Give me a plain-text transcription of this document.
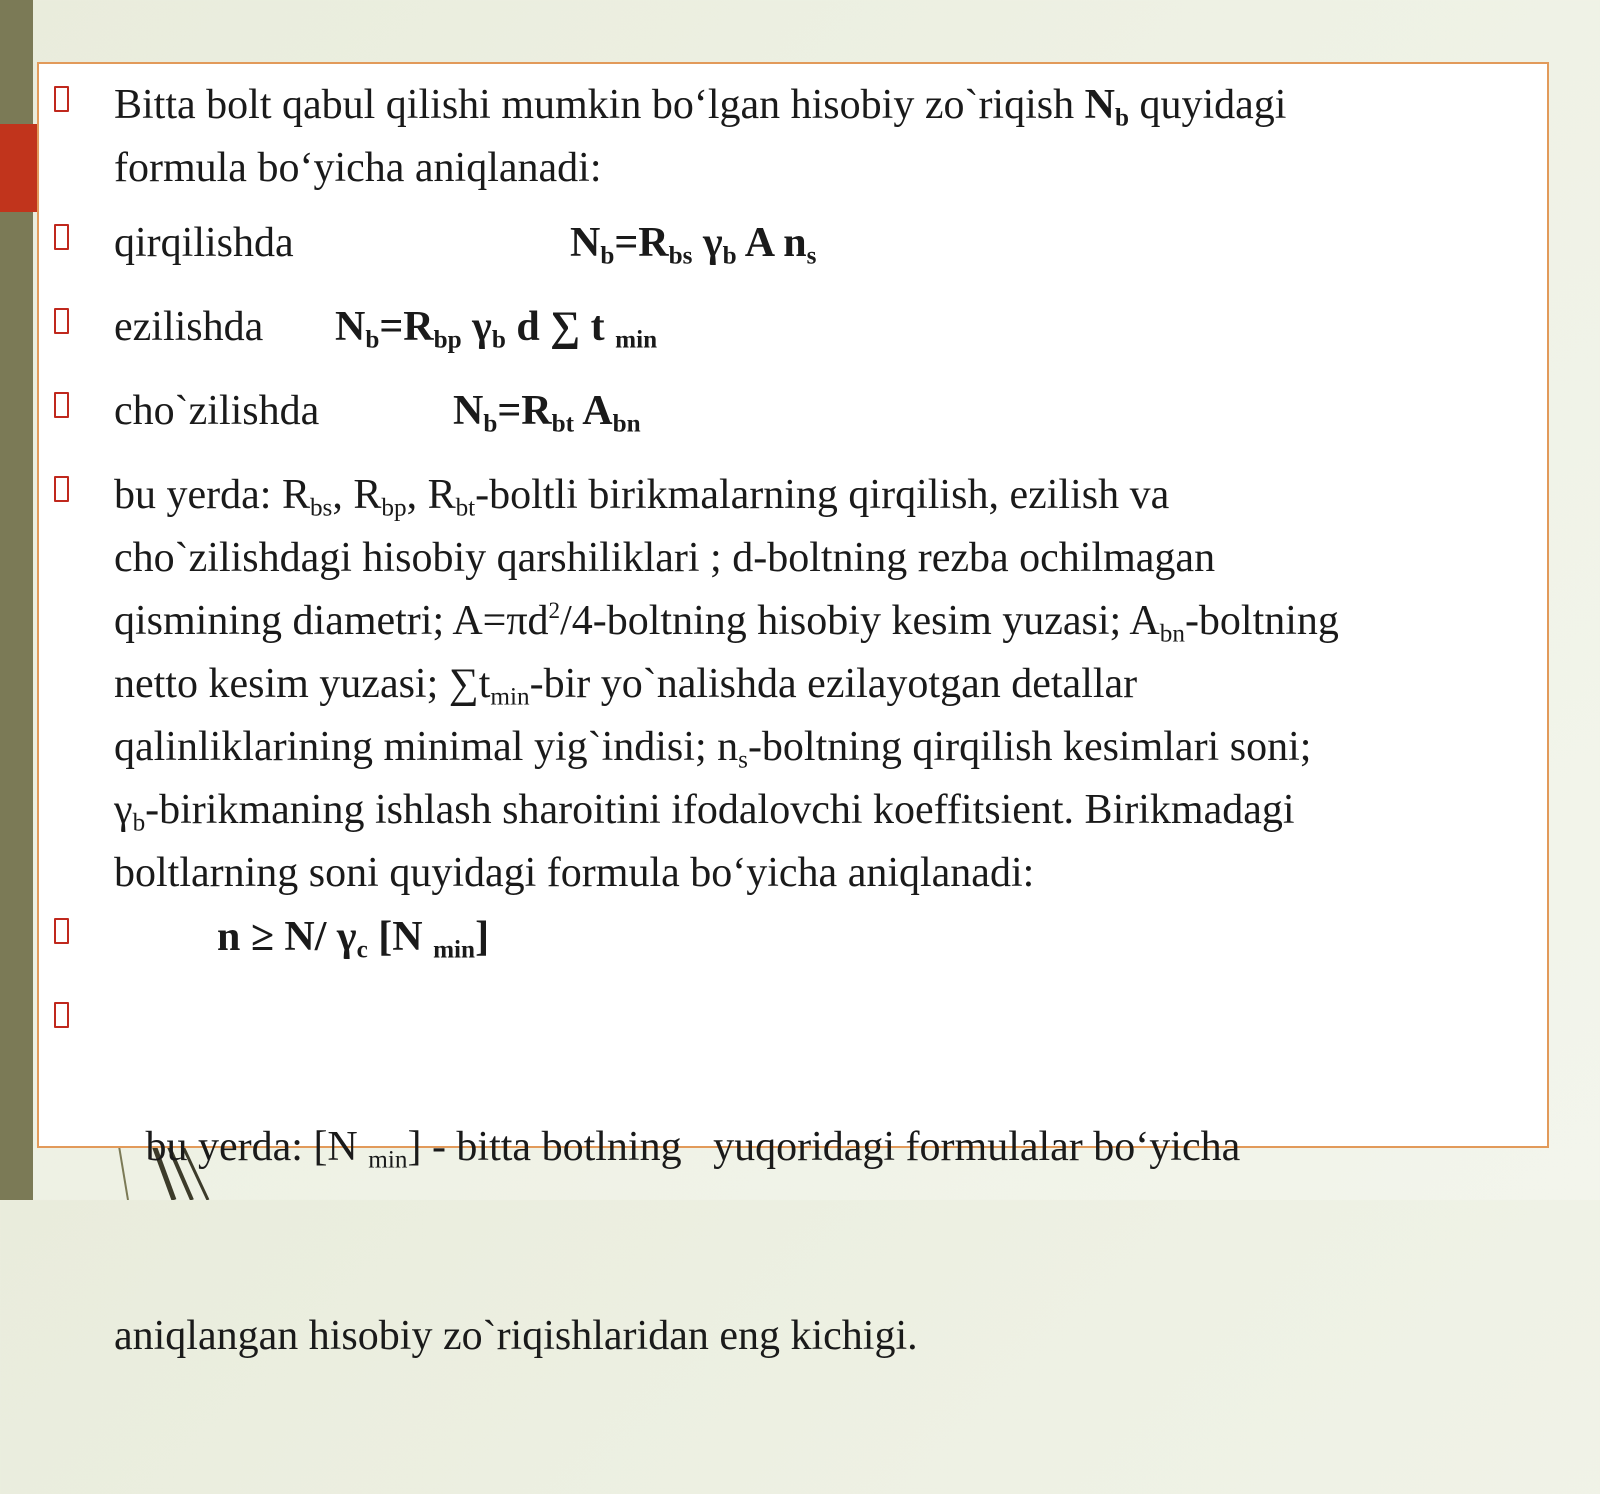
Bitta bolt qabul qilishi mumkin bo‘lgan hisobiy zo`riqish $N_b$ quyidagi
formula bo‘yicha aniqlanadi:
qirqilishda	$N_b=R_{bs}$ $\gamma_b$ A $n_s$
ezilishda $N_b=R_{bp}$ $\gamma_b$ d ∑ t $_{min}$
cho`zilishda	$N_b=R_{bt}$ $A_{bn}$
bu yerda: $R_{bs}$, $R_{bp}$, $R_{bt}$-boltli birikmalarning qirqilish, ezilish va
cho`zilishdagi hisobiy qarshiliklari ; d-boltning rezba ochilmagan
qismining diametri; $A=\pi d^2/4$-boltning hisobiy kesim yuzasi; $A_{bn}$-boltning
netto kesim yuzasi; $\sum t_{min}$-bir yo`nalishda ezilayotgan detallar
qalinliklarining minimal yig`indisi; $n_s$-boltning qirqilish kesimlari soni;
$\gamma_b$-birikmaning ishlash sharoitini ifodalovchi koeffitsient. Birikmadagi
boltlarning soni quyidagi formula bo‘yicha aniqlanadi:
n ≥ N/ $\gamma_c$ [N $_{min}$]

bu yerda: [N $_{min}$] - bitta botlning   yuqoridagi formulalar bo‘yicha

aniqlangan hisobiy zo`riqishlaridan eng kichigi.
